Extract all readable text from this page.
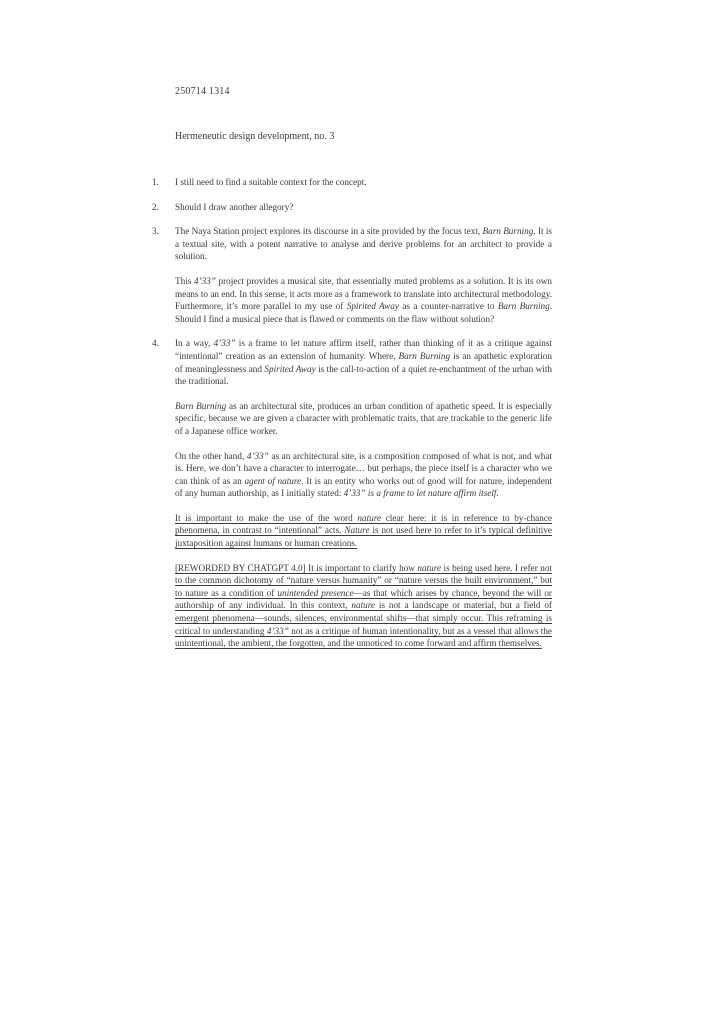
250714 1314
Hermeneutic design development, no. 3
1. I still need to find a suitable context for the concept.

2. Should I draw another allegory?

3. The Naya Station project explores its discourse in a site provided by the focus text, Barn Burning. It is a textual site, with a potent narrative to analyse and derive problems for an architect to provide a solution.

This 4’33” project provides a musical site, that essentially muted problems as a solution. It is its own means to an end. In this sense, it acts more as a framework to translate into architectural methodology. Furthermore, it’s more parallel to my use of Spirited Away as a counter-narrative to Barn Burning. Should I find a musical piece that is flawed or comments on the flaw without solution?

4. In a way, 4’33” is a frame to let nature affirm itself, rather than thinking of it as a critique against “intentional” creation as an extension of humanity. Where, Barn Burning is an apathetic exploration of meaninglessness and Spirited Away is the call-to-action of a quiet re-enchantment of the urban with the traditional.

Barn Burning as an architectural site, produces an urban condition of apathetic speed. It is especially specific, because we are given a character with problematic traits, that are trackable to the generic life of a Japanese office worker.

On the other hand, 4’33” as an architectural site, is a composition composed of what is not, and what is. Here, we don’t have a character to interrogate… but perhaps, the piece itself is a character who we can think of as an agent of nature. It is an entity who works out of good will for nature, independent of any human authorship, as I initially stated: 4’33” is a frame to let nature affirm itself.

It is important to make the use of the word nature clear here: it is in reference to by-chance phenomena, in contrast to “intentional” acts. Nature is not used here to refer to it’s typical definitive juxtaposition against humans or human creations.

[REWORDED BY CHATGPT 4.0] It is important to clarify how nature is being used here. I refer not to the common dichotomy of “nature versus humanity” or “nature versus the built environment,” but to nature as a condition of unintended presence—as that which arises by chance, beyond the will or authorship of any individual. In this context, nature is not a landscape or material, but a field of emergent phenomena—sounds, silences, environmental shifts—that simply occur. This reframing is critical to understanding 4’33” not as a critique of human intentionality, but as a vessel that allows the unintentional, the ambient, the forgotten, and the unnoticed to come forward and affirm themselves.
